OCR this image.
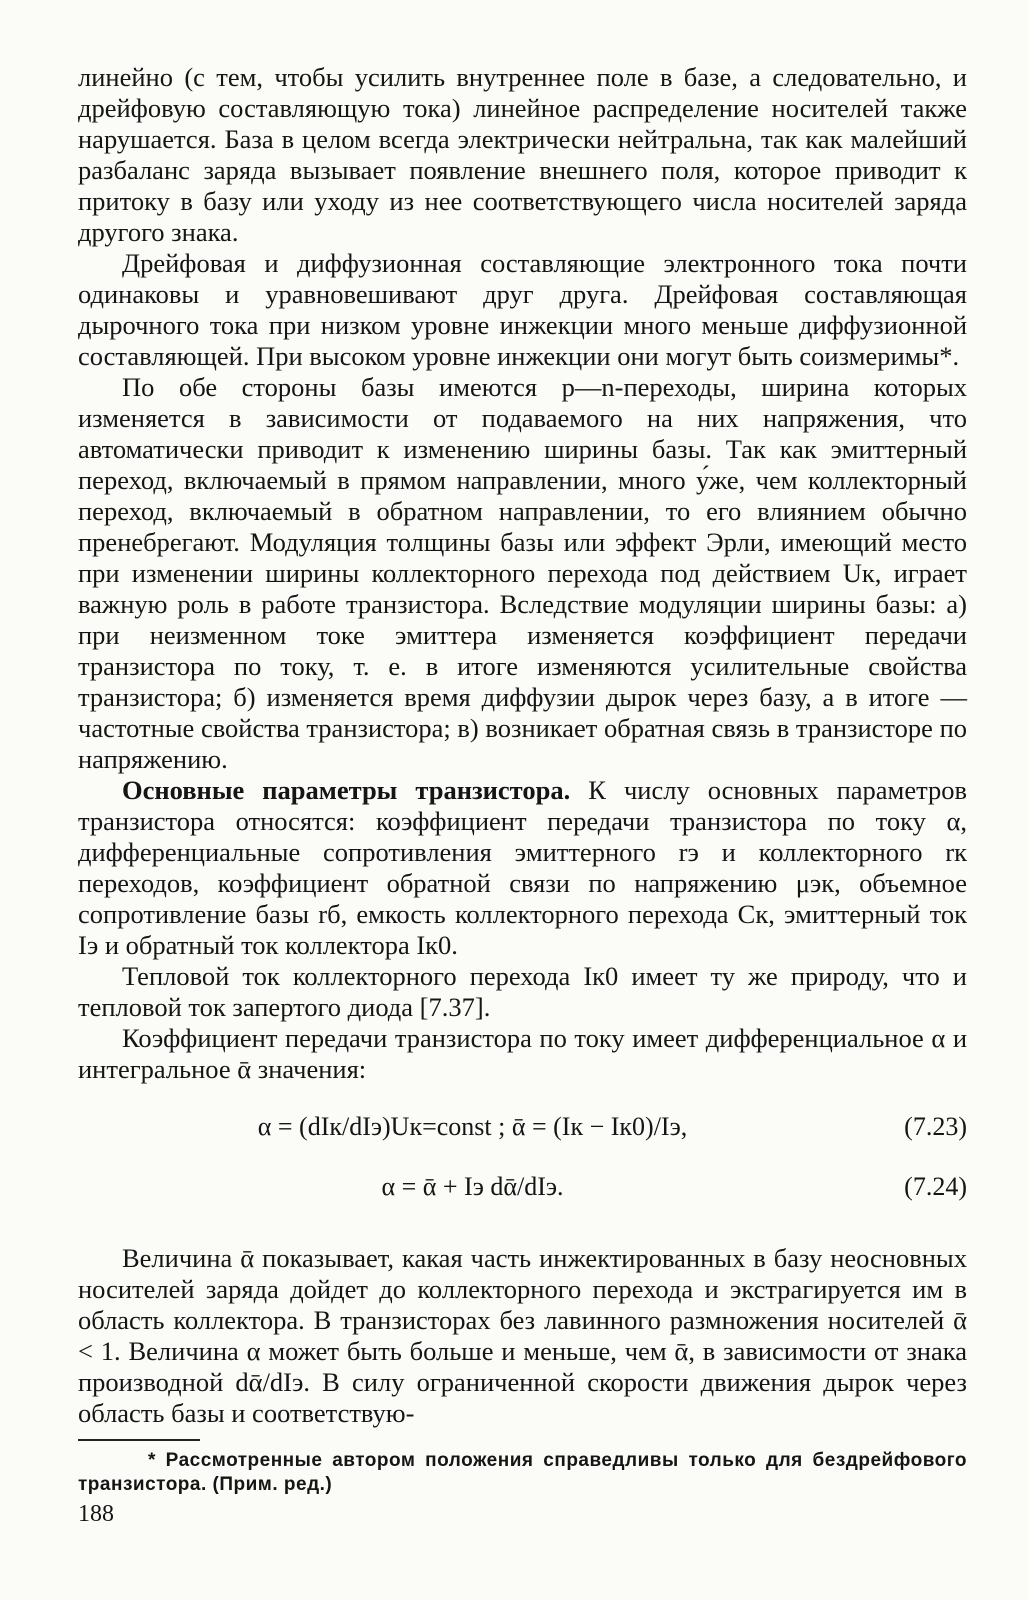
линейно (с тем, чтобы усилить внутреннее поле в базе, а следовательно, и дрейфовую составляющую тока) линейное распределение носителей также нарушается. База в целом всегда электрически нейтральна, так как малейший разбаланс заряда вызывает появление внешнего поля, которое приводит к притоку в базу или уходу из нее соответствующего числа носителей заряда другого знака.

Дрейфовая и диффузионная составляющие электронного тока почти одинаковы и уравновешивают друг друга. Дрейфовая составляющая дырочного тока при низком уровне инжекции много меньше диффузионной составляющей. При высоком уровне инжекции они могут быть соизмеримы*.

По обе стороны базы имеются p—n-переходы, ширина которых изменяется в зависимости от подаваемого на них напряжения, что автоматически приводит к изменению ширины базы. Так как эмиттерный переход, включаемый в прямом направлении, много у́же, чем коллекторный переход, включаемый в обратном направлении, то его влиянием обычно пренебрегают. Модуляция толщины базы или эффект Эрли, имеющий место при изменении ширины коллекторного перехода под действием Uк, играет важную роль в работе транзистора. Вследствие модуляции ширины базы: а) при неизменном токе эмиттера изменяется коэффициент передачи транзистора по току, т. е. в итоге изменяются усилительные свойства транзистора; б) изменяется время диффузии дырок через базу, а в итоге — частотные свойства транзистора; в) возникает обратная связь в транзисторе по напряжению.

Основные параметры транзистора. К числу основных параметров транзистора относятся: коэффициент передачи транзистора по току α, дифференциальные сопротивления эмиттерного rэ и коллекторного rк переходов, коэффициент обратной связи по напряжению μэк, объемное сопротивление базы rб, емкость коллекторного перехода Cк, эмиттерный ток Iэ и обратный ток коллектора Iк0.

Тепловой ток коллекторного перехода Iк0 имеет ту же природу, что и тепловой ток запертого диода [7.37].

Коэффициент передачи транзистора по току имеет дифференциальное α и интегральное ᾱ значения:

α = (dIк/dIэ)Uк=const ; ᾱ = (Iк − Iк0)/Iэ,	(7.23)
α = ᾱ + Iэ dᾱ/dIэ.	(7.24)

Величина ᾱ показывает, какая часть инжектированных в базу неосновных носителей заряда дойдет до коллекторного перехода и экстрагируется им в область коллектора. В транзисторах без лавинного размножения носителей ᾱ < 1. Величина α может быть больше и меньше, чем ᾱ, в зависимости от знака производной dᾱ/dIэ. В силу ограниченной скорости движения дырок через область базы и соответствую-

* Рассмотренные автором положения справедливы только для бездрейфового транзистора. (Прим. ред.)

188
